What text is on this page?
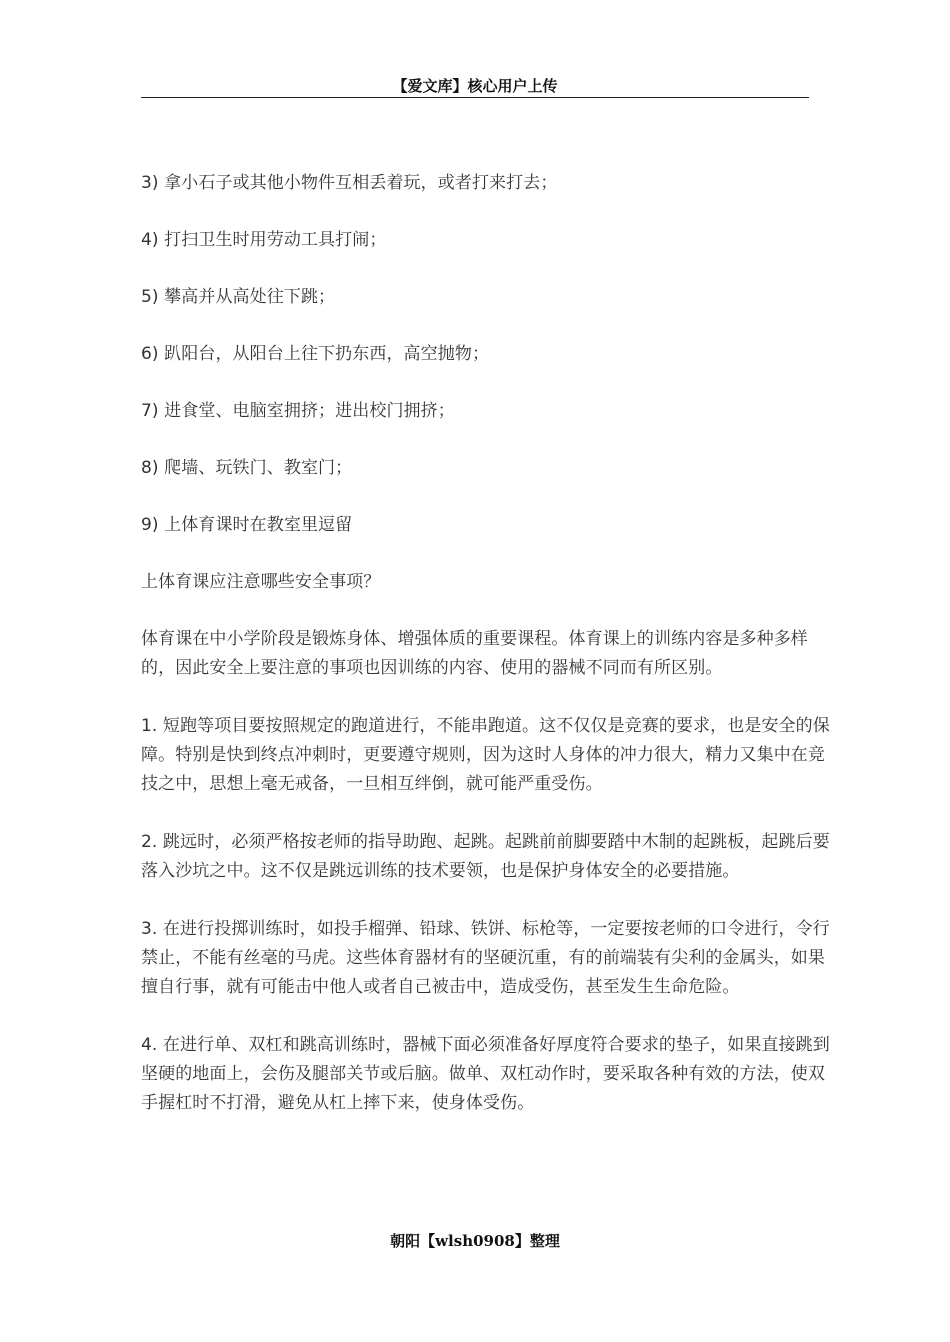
【爱文库】核心用户上传

3) 拿小石子或其他小物件互相丢着玩，或者打来打去；

4) 打扫卫生时用劳动工具打闹；

5) 攀高并从高处往下跳；

6) 趴阳台，从阳台上往下扔东西，高空抛物；

7) 进食堂、电脑室拥挤；进出校门拥挤；

8) 爬墙、玩铁门、教室门；

9) 上体育课时在教室里逗留

上体育课应注意哪些安全事项？

体育课在中小学阶段是锻炼身体、增强体质的重要课程。体育课上的训练内容是多种多样的，因此安全上要注意的事项也因训练的内容、使用的器械不同而有所区别。

1. 短跑等项目要按照规定的跑道进行，不能串跑道。这不仅仅是竞赛的要求，也是安全的保障。特别是快到终点冲刺时，更要遵守规则，因为这时人身体的冲力很大，精力又集中在竞技之中，思想上毫无戒备，一旦相互绊倒，就可能严重受伤。

2. 跳远时，必须严格按老师的指导助跑、起跳。起跳前前脚要踏中木制的起跳板，起跳后要落入沙坑之中。这不仅是跳远训练的技术要领，也是保护身体安全的必要措施。

3. 在进行投掷训练时，如投手榴弹、铅球、铁饼、标枪等，一定要按老师的口令进行，令行禁止，不能有丝毫的马虎。这些体育器材有的坚硬沉重，有的前端装有尖利的金属头，如果擅自行事，就有可能击中他人或者自己被击中，造成受伤，甚至发生生命危险。

4. 在进行单、双杠和跳高训练时，器械下面必须准备好厚度符合要求的垫子，如果直接跳到坚硬的地面上，会伤及腿部关节或后脑。做单、双杠动作时，要采取各种有效的方法，使双手握杠时不打滑，避免从杠上摔下来，使身体受伤。

朝阳【wlsh0908】整理
